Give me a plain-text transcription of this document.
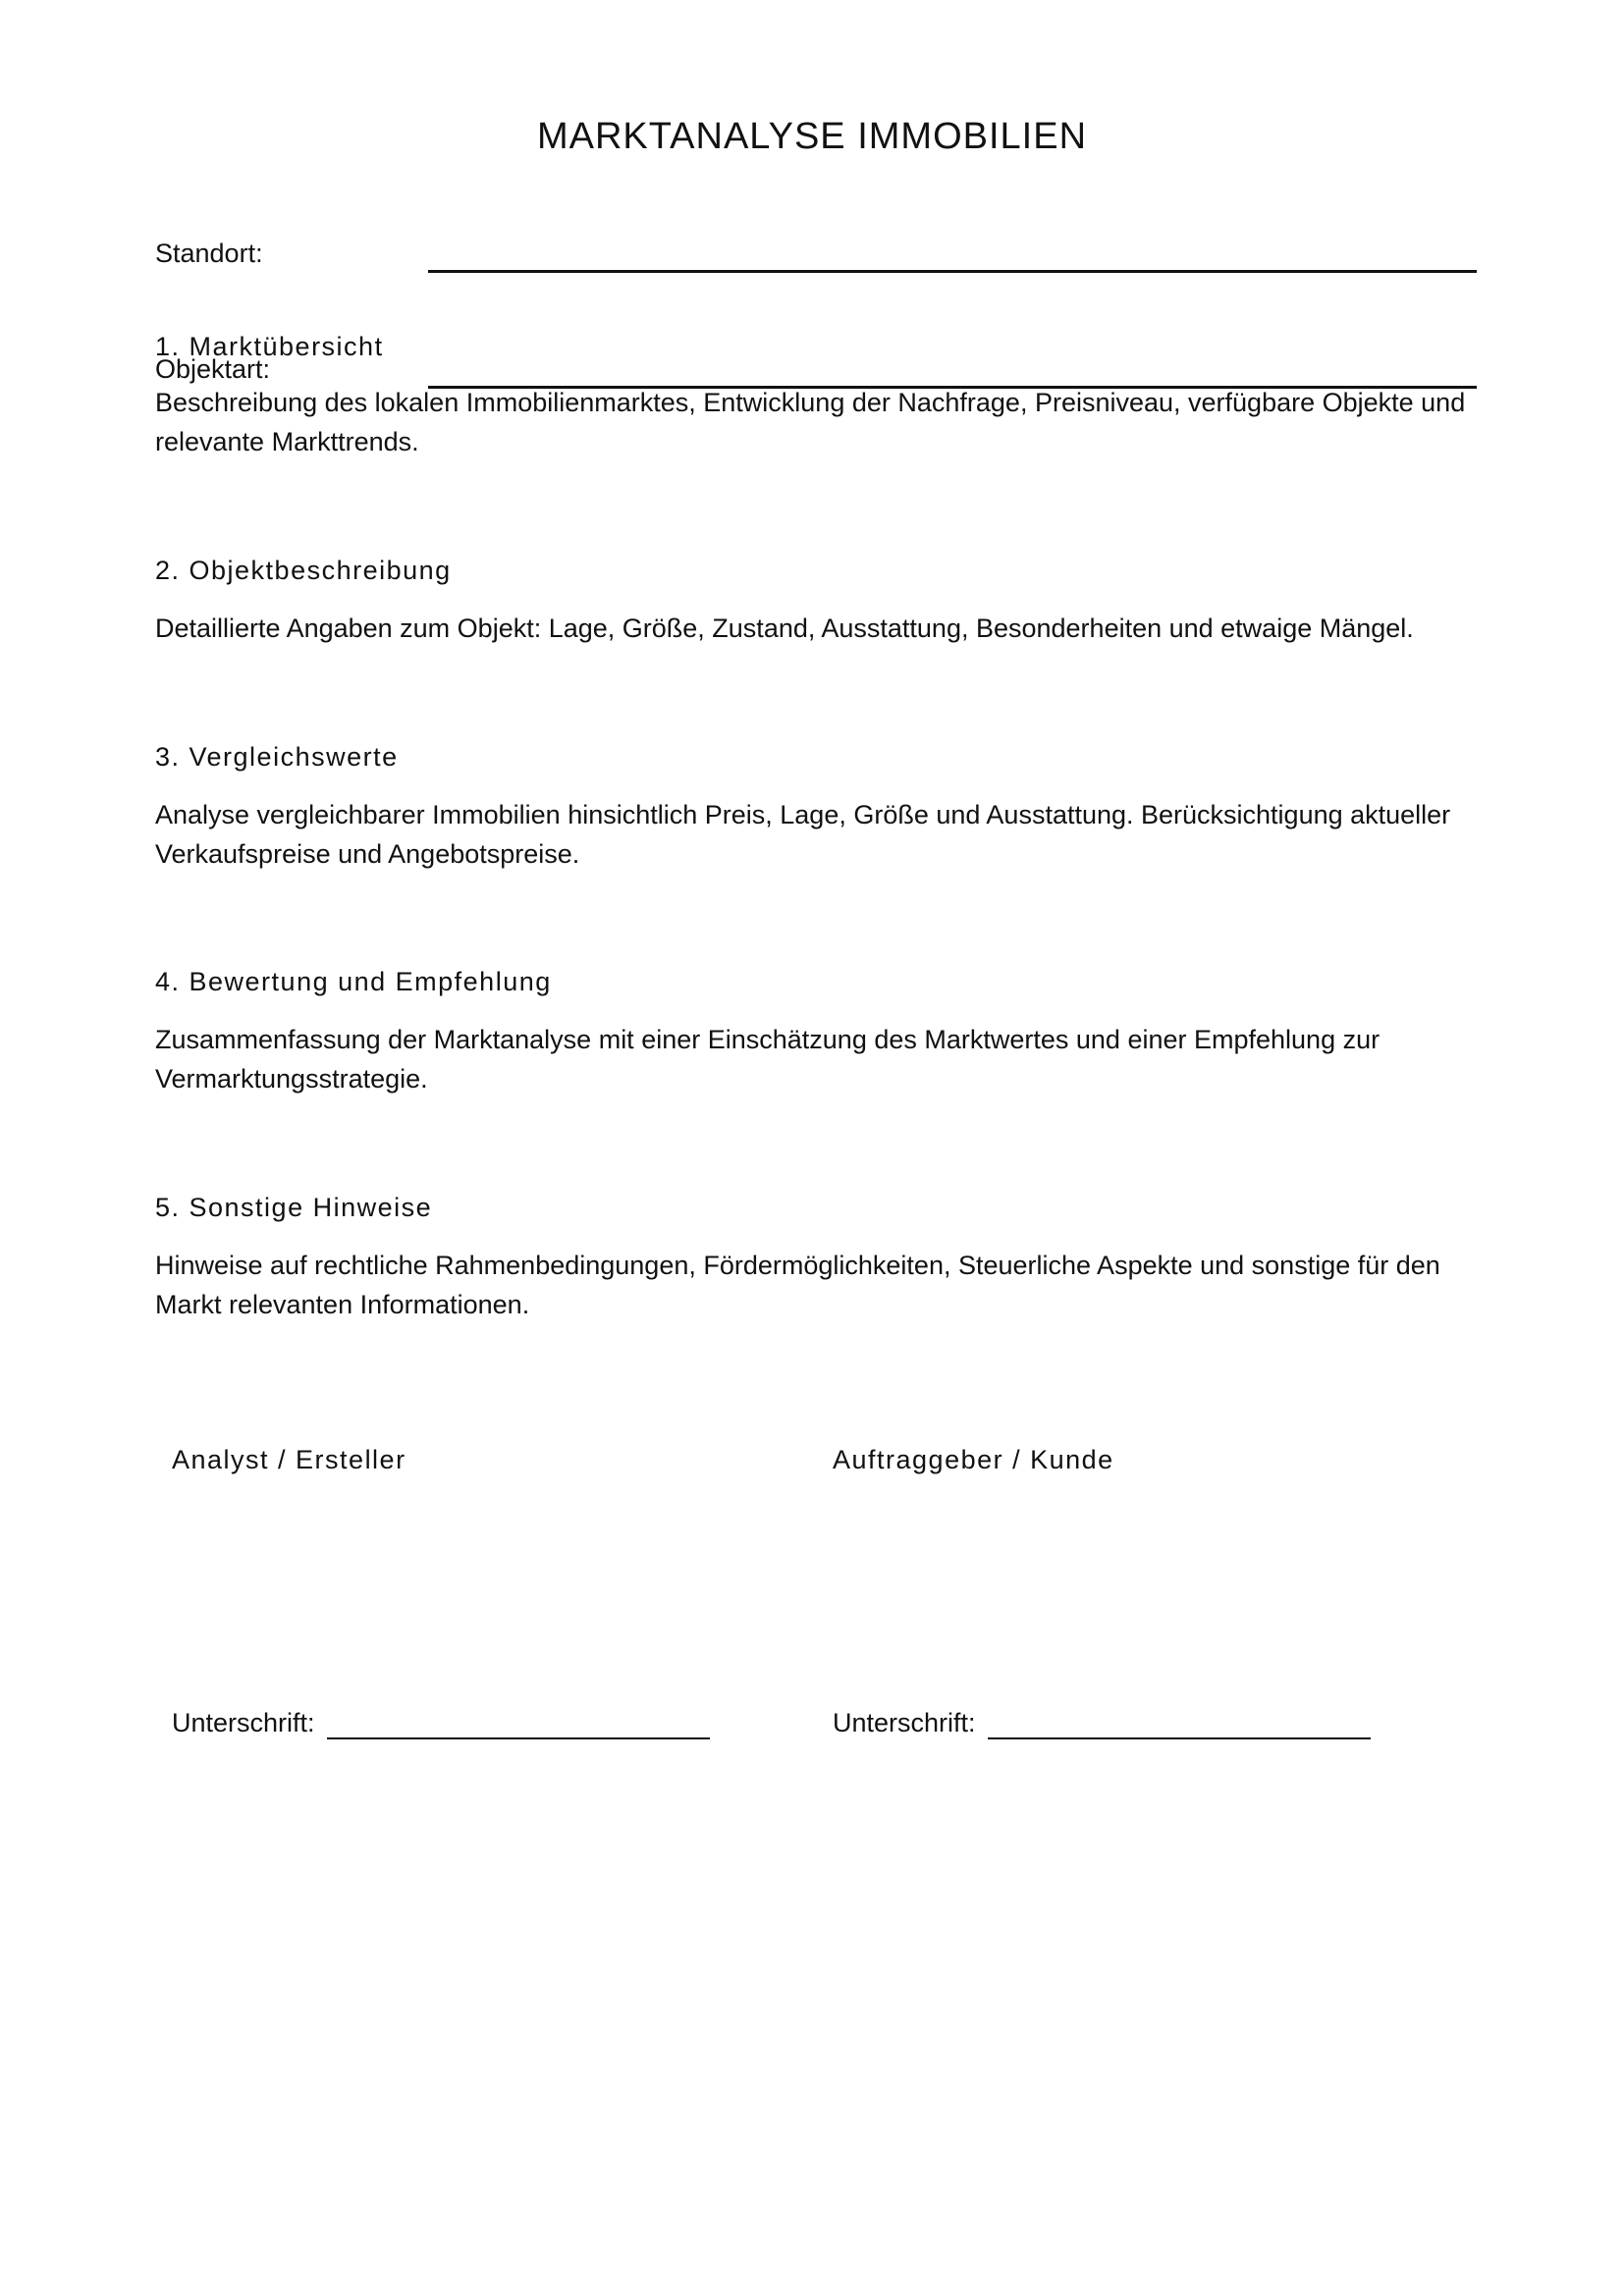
MARKTANALYSE IMMOBILIEN
Standort:
1. Marktübersicht
Objektart:
Beschreibung des lokalen Immobilienmarktes, Entwicklung der Nachfrage, Preisniveau, verfügbare Objekte und relevante Markttrends.
2. Objektbeschreibung
Detaillierte Angaben zum Objekt: Lage, Größe, Zustand, Ausstattung, Besonderheiten und etwaige Mängel.
3. Vergleichswerte
Analyse vergleichbarer Immobilien hinsichtlich Preis, Lage, Größe und Ausstattung. Berücksichtigung aktueller Verkaufspreise und Angebotspreise.
4. Bewertung und Empfehlung
Zusammenfassung der Marktanalyse mit einer Einschätzung des Marktwertes und einer Empfehlung zur Vermarktungsstrategie.
5. Sonstige Hinweise
Hinweise auf rechtliche Rahmenbedingungen, Fördermöglichkeiten, Steuerliche Aspekte und sonstige für den Markt relevanten Informationen.
Analyst / Ersteller	Auftraggeber / Kunde
Unterschrift:	Unterschrift:
